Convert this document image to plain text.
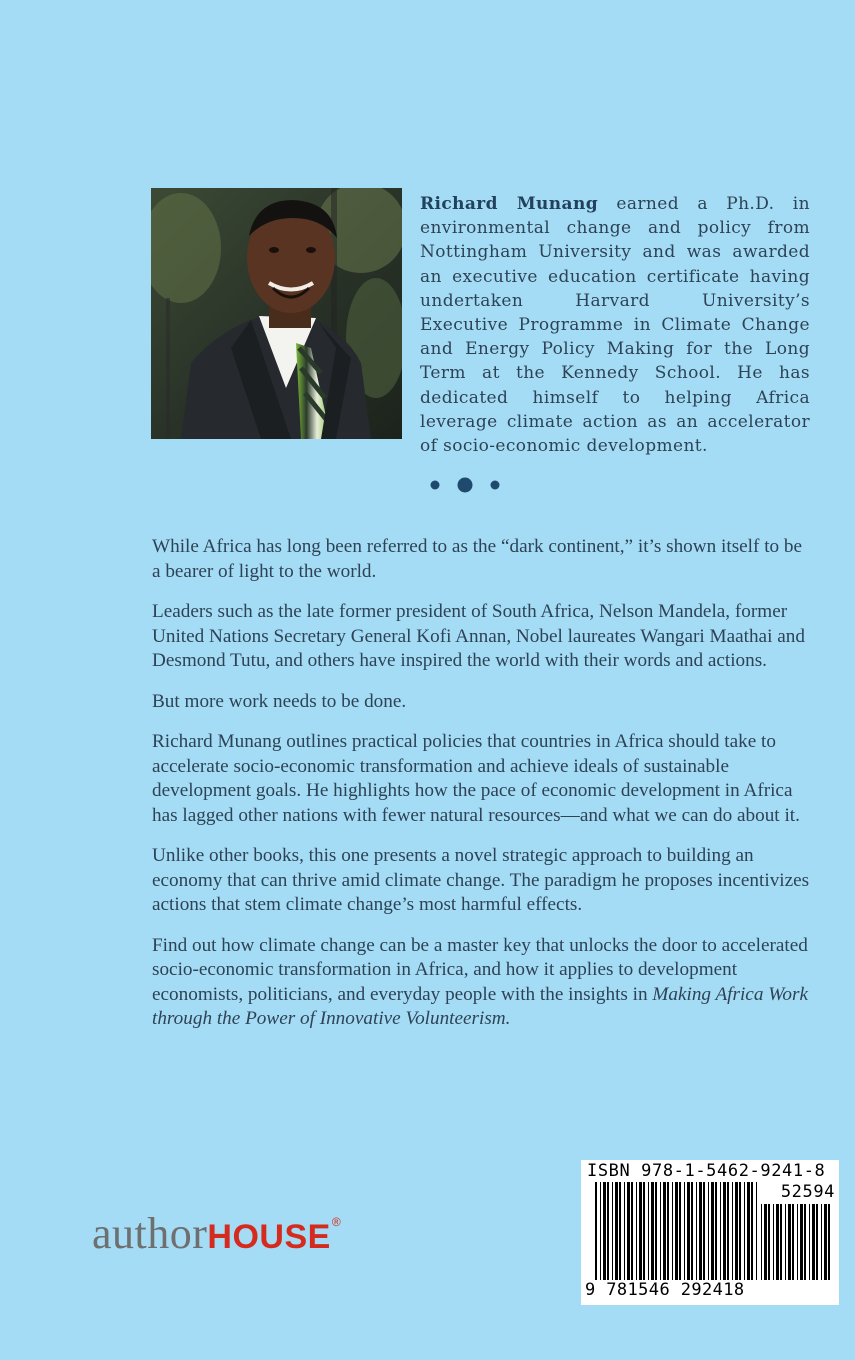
Richard Munang earned a Ph.D. in environmental change and policy from Nottingham University and was awarded an executive education certificate having undertaken Harvard University’s Executive Programme in Climate Change and Energy Policy Making for the Long Term at the Kennedy School. He has dedicated himself to helping Africa leverage climate action as an accelerator of socio-economic development.

While Africa has long been referred to as the “dark continent,” it’s shown itself to be a bearer of light to the world.

Leaders such as the late former president of South Africa, Nelson Mandela, former United Nations Secretary General Kofi Annan, Nobel laureates Wangari Maathai and Desmond Tutu, and others have inspired the world with their words and actions.

But more work needs to be done.

Richard Munang outlines practical policies that countries in Africa should take to accelerate socio-economic transformation and achieve ideals of sustainable development goals. He highlights how the pace of economic development in Africa has lagged other nations with fewer natural resources—and what we can do about it.

Unlike other books, this one presents a novel strategic approach to building an economy that can thrive amid climate change. The paradigm he proposes incentivizes actions that stem climate change’s most harmful effects.

Find out how climate change can be a master key that unlocks the door to accelerated socio-economic transformation in Africa, and how it applies to development economists, politicians, and everyday people with the insights in Making Africa Work through the Power of Innovative Volunteerism.

authorHOUSE®
ISBN 978-1-5462-9241-8
52594
9 781546 292418
